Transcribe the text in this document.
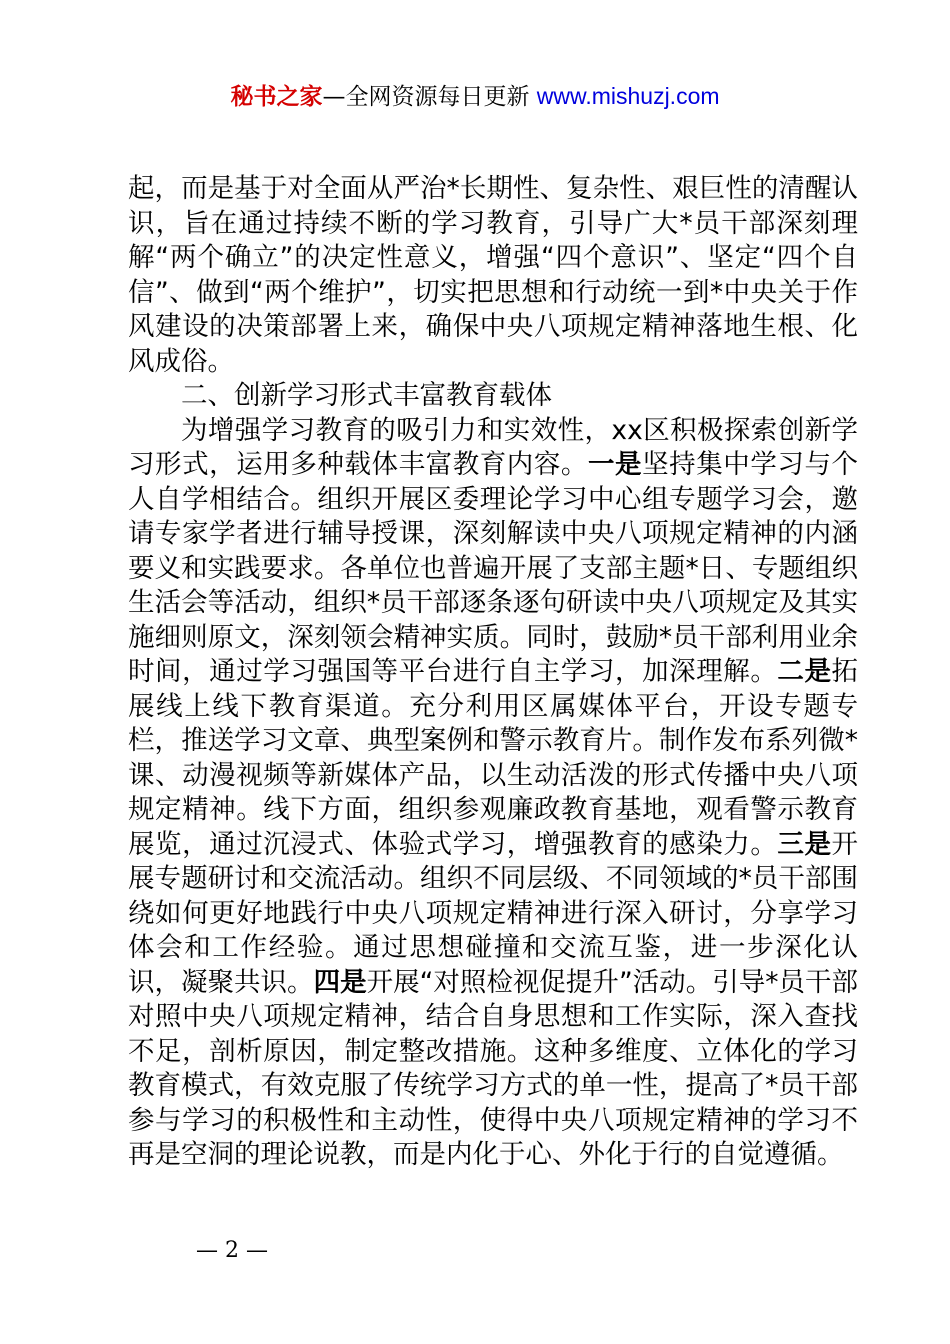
秘书之家—全网资源每日更新 www.mishuzj.com

起，而是基于对全面从严治*长期性、复杂性、艰巨性的清醒认识，旨在通过持续不断的学习教育，引导广大*员干部深刻理解“两个确立”的决定性意义，增强“四个意识”、坚定“四个自信”、做到“两个维护”，切实把思想和行动统一到*中央关于作风建设的决策部署上来，确保中央八项规定精神落地生根、化风成俗。

二、创新学习形式丰富教育载体

为增强学习教育的吸引力和实效性，xx区积极探索创新学习形式，运用多种载体丰富教育内容。一是坚持集中学习与个人自学相结合。组织开展区委理论学习中心组专题学习会，邀请专家学者进行辅导授课，深刻解读中央八项规定精神的内涵要义和实践要求。各单位也普遍开展了支部主题*日、专题组织生活会等活动，组织*员干部逐条逐句研读中央八项规定及其实施细则原文，深刻领会精神实质。同时，鼓励*员干部利用业余时间，通过学习强国等平台进行自主学习，加深理解。二是拓展线上线下教育渠道。充分利用区属媒体平台，开设专题专栏，推送学习文章、典型案例和警示教育片。制作发布系列微*课、动漫视频等新媒体产品，以生动活泼的形式传播中央八项规定精神。线下方面，组织参观廉政教育基地，观看警示教育展览，通过沉浸式、体验式学习，增强教育的感染力。三是开展专题研讨和交流活动。组织不同层级、不同领域的*员干部围绕如何更好地践行中央八项规定精神进行深入研讨，分享学习体会和工作经验。通过思想碰撞和交流互鉴，进一步深化认识，凝聚共识。四是开展“对照检视促提升”活动。引导*员干部对照中央八项规定精神，结合自身思想和工作实际，深入查找不足，剖析原因，制定整改措施。这种多维度、立体化的学习教育模式，有效克服了传统学习方式的单一性，提高了*员干部参与学习的积极性和主动性，使得中央八项规定精神的学习不再是空洞的理论说教，而是内化于心、外化于行的自觉遵循。

— 2 —
